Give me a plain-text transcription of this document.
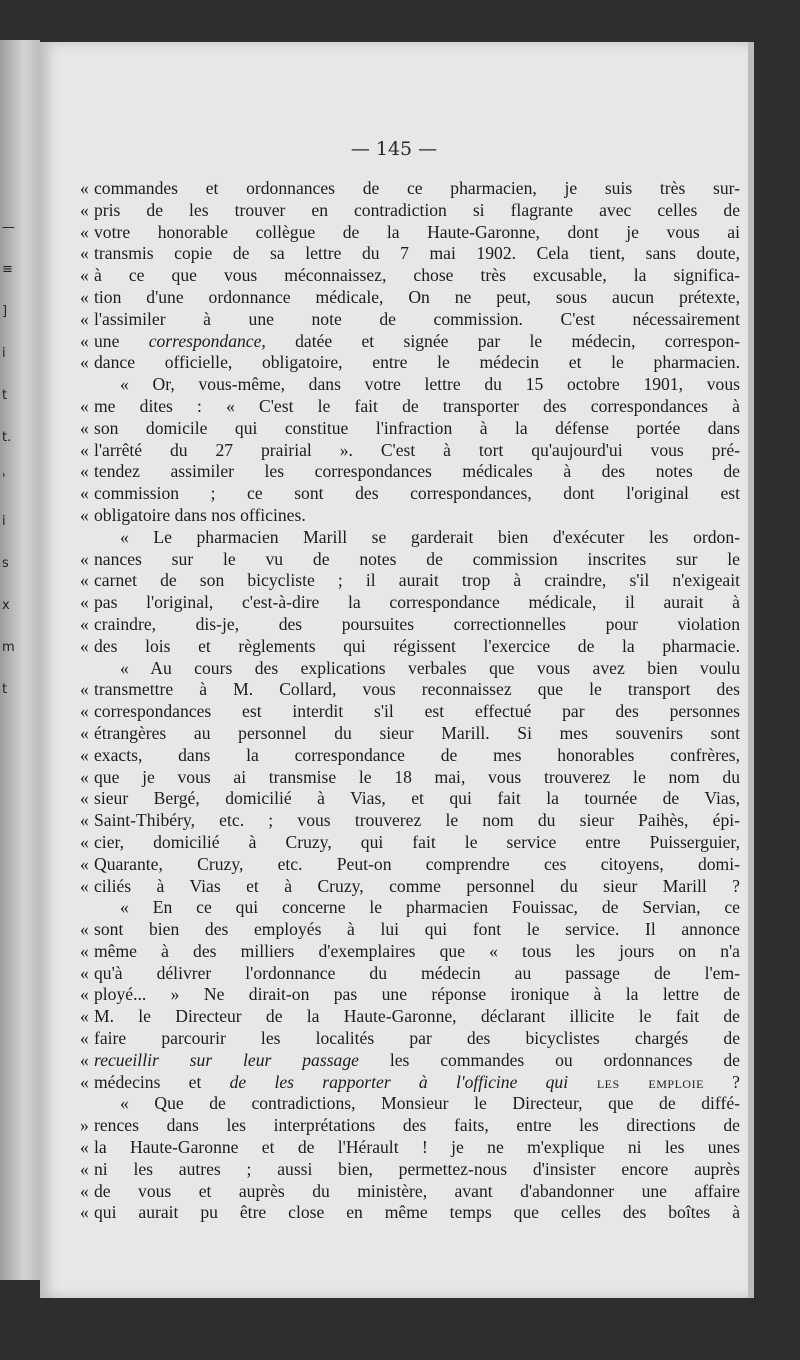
—
≡
]
i
t
t.
'
i
s
x
m
t
— 145 —
« commandes et ordonnances de ce pharmacien, je suis très sur-
« pris de les trouver en contradiction si flagrante avec celles de
« votre honorable collègue de la Haute-Garonne, dont je vous ai
« transmis copie de sa lettre du 7 mai 1902. Cela tient, sans doute,
« à ce que vous méconnaissez, chose très excusable, la significa-
« tion d'une ordonnance médicale, On ne peut, sous aucun prétexte,
« l'assimiler à une note de commission. C'est nécessairement
« une correspondance, datée et signée par le médecin, correspon-
« dance officielle, obligatoire, entre le médecin et le pharmacien.
« Or, vous-même, dans votre lettre du 15 octobre 1901, vous
« me dites : « C'est le fait de transporter des correspondances à
« son domicile qui constitue l'infraction à la défense portée dans
« l'arrêté du 27 prairial ». C'est à tort qu'aujourd'ui vous pré-
« tendez assimiler les correspondances médicales à des notes de
« commission ; ce sont des correspondances, dont l'original est
« obligatoire dans nos officines.
« Le pharmacien Marill se garderait bien d'exécuter les ordon-
« nances sur le vu de notes de commission inscrites sur le
« carnet de son bicycliste ; il aurait trop à craindre, s'il n'exigeait
« pas l'original, c'est-à-dire la correspondance médicale, il aurait à
« craindre, dis-je, des poursuites correctionnelles pour violation
« des lois et règlements qui régissent l'exercice de la pharmacie.
« Au cours des explications verbales que vous avez bien voulu
« transmettre à M. Collard, vous reconnaissez que le transport des
« correspondances est interdit s'il est effectué par des personnes
« étrangères au personnel du sieur Marill. Si mes souvenirs sont
« exacts, dans la correspondance de mes honorables confrères,
« que je vous ai transmise le 18 mai, vous trouverez le nom du
« sieur Bergé, domicilié à Vias, et qui fait la tournée de Vias,
« Saint-Thibéry, etc. ; vous trouverez le nom du sieur Paihès, épi-
« cier, domicilié à Cruzy, qui fait le service entre Puisserguier,
« Quarante, Cruzy, etc. Peut-on comprendre ces citoyens, domi-
« ciliés à Vias et à Cruzy, comme personnel du sieur Marill ?
« En ce qui concerne le pharmacien Fouissac, de Servian, ce
« sont bien des employés à lui qui font le service. Il annonce
« même à des milliers d'exemplaires que « tous les jours on n'a
« qu'à délivrer l'ordonnance du médecin au passage de l'em-
« ployé... » Ne dirait-on pas une réponse ironique à la lettre de
« M. le Directeur de la Haute-Garonne, déclarant illicite le fait de
« faire parcourir les localités par des bicyclistes chargés de
« recueillir sur leur passage les commandes ou ordonnances de
« médecins et de les rapporter à l'officine qui les emploie ?
« Que de contradictions, Monsieur le Directeur, que de diffé-
» rences dans les interprétations des faits, entre les directions de
« la Haute-Garonne et de l'Hérault ! je ne m'explique ni les unes
« ni les autres ; aussi bien, permettez-nous d'insister encore auprès
« de vous et auprès du ministère, avant d'abandonner une affaire
« qui aurait pu être close en même temps que celles des boîtes à
